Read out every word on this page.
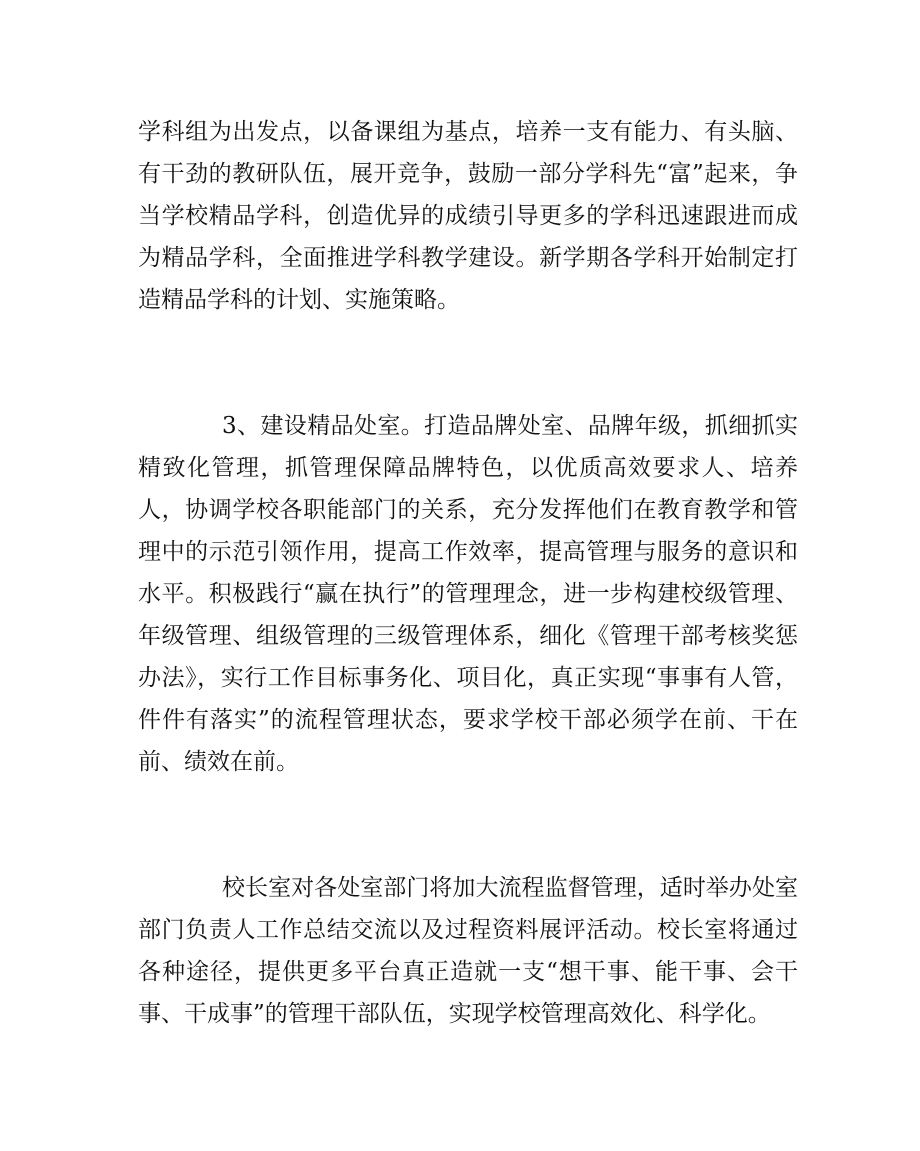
学科组为出发点，以备课组为基点，培养一支有能力、有头脑、有干劲的教研队伍，展开竞争，鼓励一部分学科先“富”起来，争当学校精品学科，创造优异的成绩引导更多的学科迅速跟进而成为精品学科，全面推进学科教学建设。新学期各学科开始制定打造精品学科的计划、实施策略。

3、建设精品处室。打造品牌处室、品牌年级，抓细抓实精致化管理，抓管理保障品牌特色，以优质高效要求人、培养人，协调学校各职能部门的关系，充分发挥他们在教育教学和管理中的示范引领作用，提高工作效率，提高管理与服务的意识和水平。积极践行“赢在执行”的管理理念，进一步构建校级管理、年级管理、组级管理的三级管理体系，细化《管理干部考核奖惩办法》，实行工作目标事务化、项目化，真正实现“事事有人管，件件有落实”的流程管理状态，要求学校干部必须学在前、干在前、绩效在前。

校长室对各处室部门将加大流程监督管理，适时举办处室部门负责人工作总结交流以及过程资料展评活动。校长室将通过各种途径，提供更多平台真正造就一支“想干事、能干事、会干事、干成事”的管理干部队伍，实现学校管理高效化、科学化。
